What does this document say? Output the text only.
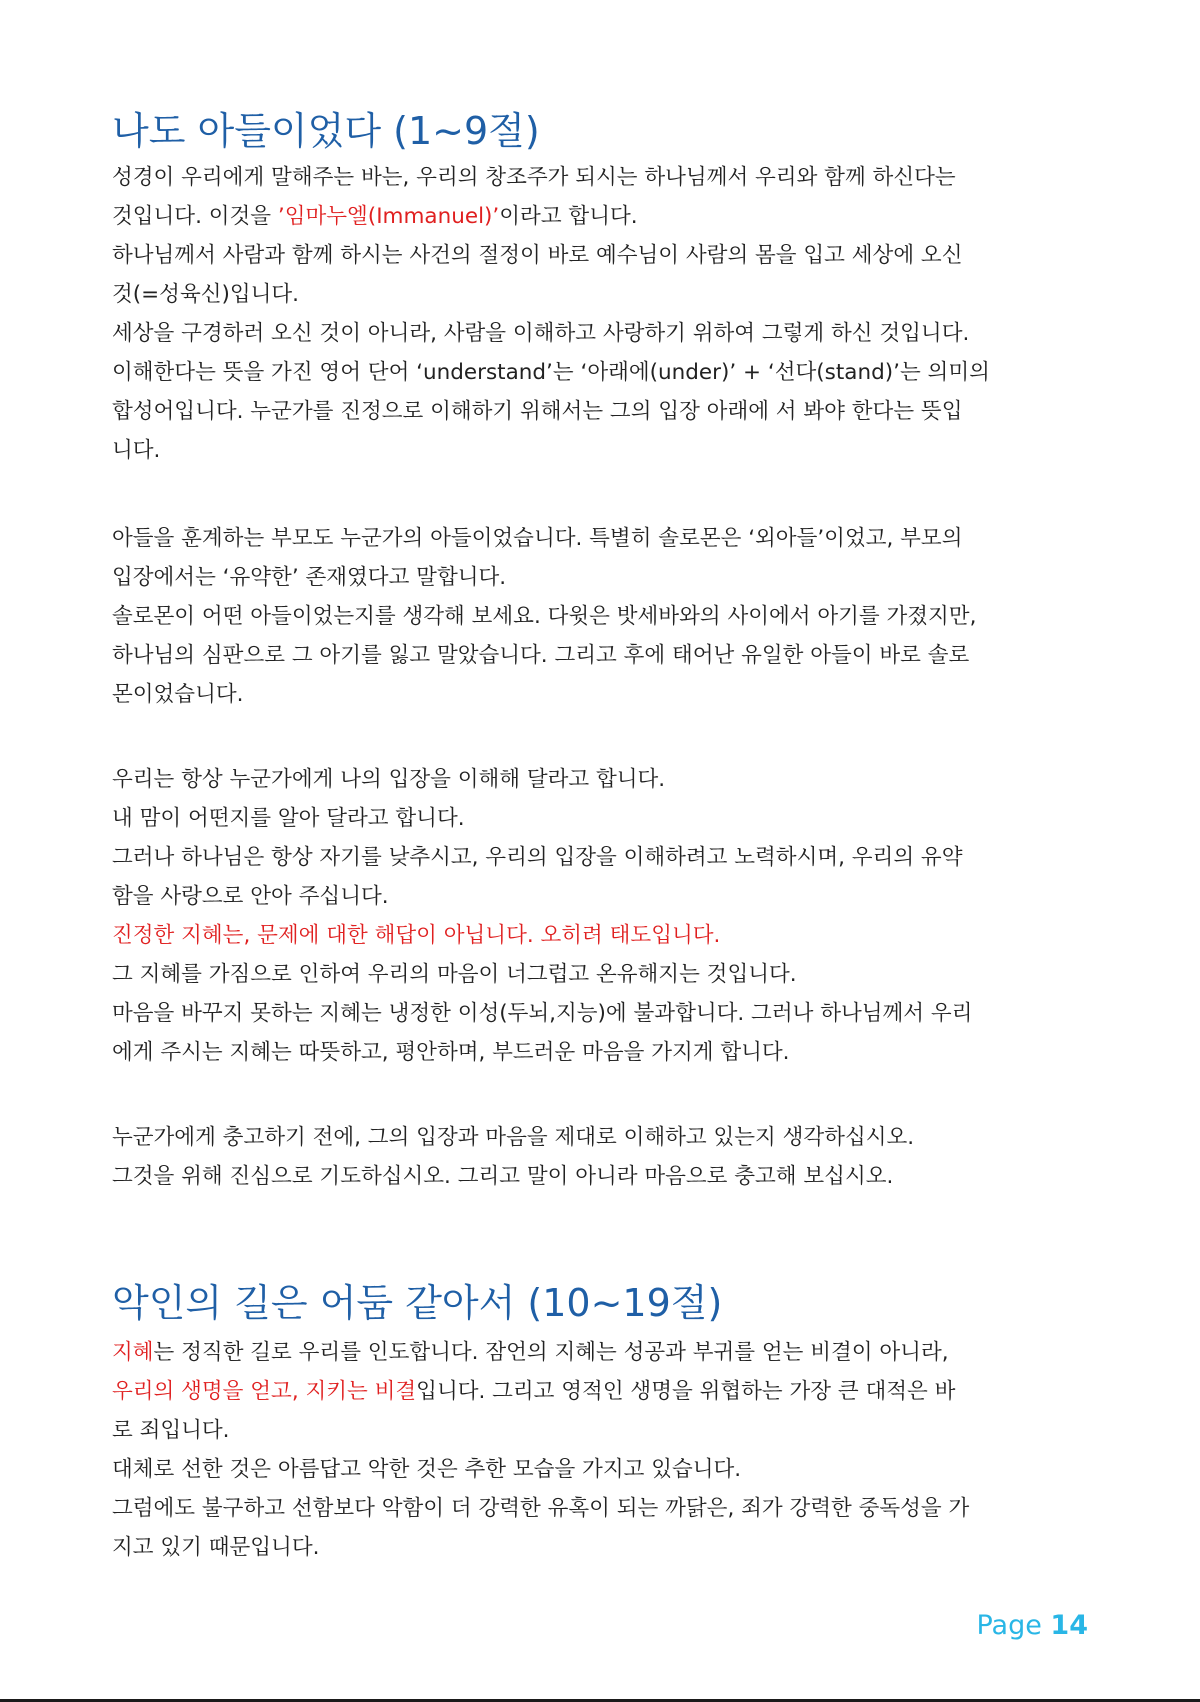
나도 아들이었다 (1~9절)

성경이 우리에게 말해주는 바는, 우리의 창조주가 되시는 하나님께서 우리와 함께 하신다는

것입니다. 이것을 ’임마누엘(Immanuel)’이라고 합니다.

하나님께서 사람과 함께 하시는 사건의 절정이 바로 예수님이 사람의 몸을 입고 세상에 오신

것(=성육신)입니다.

세상을 구경하러 오신 것이 아니라, 사람을 이해하고 사랑하기 위하여 그렇게 하신 것입니다.

이해한다는 뜻을 가진 영어 단어 ‘understand’는 ‘아래에(under)’ + ‘선다(stand)’는 의미의

합성어입니다. 누군가를 진정으로 이해하기 위해서는 그의 입장 아래에 서 봐야 한다는 뜻입

니다.

아들을 훈계하는 부모도 누군가의 아들이었습니다. 특별히 솔로몬은 ‘외아들’이었고, 부모의

입장에서는 ‘유약한’ 존재였다고 말합니다.

솔로몬이 어떤 아들이었는지를 생각해 보세요. 다윗은 밧세바와의 사이에서 아기를 가졌지만,

하나님의 심판으로 그 아기를 잃고 말았습니다. 그리고 후에 태어난 유일한 아들이 바로 솔로

몬이었습니다.

우리는 항상 누군가에게 나의 입장을 이해해 달라고 합니다.

내 맘이 어떤지를 알아 달라고 합니다.

그러나 하나님은 항상 자기를 낮추시고, 우리의 입장을 이해하려고 노력하시며, 우리의 유약

함을 사랑으로 안아 주십니다.

진정한 지혜는, 문제에 대한 해답이 아닙니다. 오히려 태도입니다.

그 지혜를 가짐으로 인하여 우리의 마음이 너그럽고 온유해지는 것입니다.

마음을 바꾸지 못하는 지혜는 냉정한 이성(두뇌,지능)에 불과합니다. 그러나 하나님께서 우리

에게 주시는 지혜는 따뜻하고, 평안하며, 부드러운 마음을 가지게 합니다.

누군가에게 충고하기 전에, 그의 입장과 마음을 제대로 이해하고 있는지 생각하십시오.

그것을 위해 진심으로 기도하십시오. 그리고 말이 아니라 마음으로 충고해 보십시오.

악인의 길은 어둠 같아서 (10~19절)

지혜는 정직한 길로 우리를 인도합니다. 잠언의 지혜는 성공과 부귀를 얻는 비결이 아니라,

우리의 생명을 얻고, 지키는 비결입니다. 그리고 영적인 생명을 위협하는 가장 큰 대적은 바

로 죄입니다.

대체로 선한 것은 아름답고 악한 것은 추한 모습을 가지고 있습니다.

그럼에도 불구하고 선함보다 악함이 더 강력한 유혹이 되는 까닭은, 죄가 강력한 중독성을 가

지고 있기 때문입니다.

Page 14
